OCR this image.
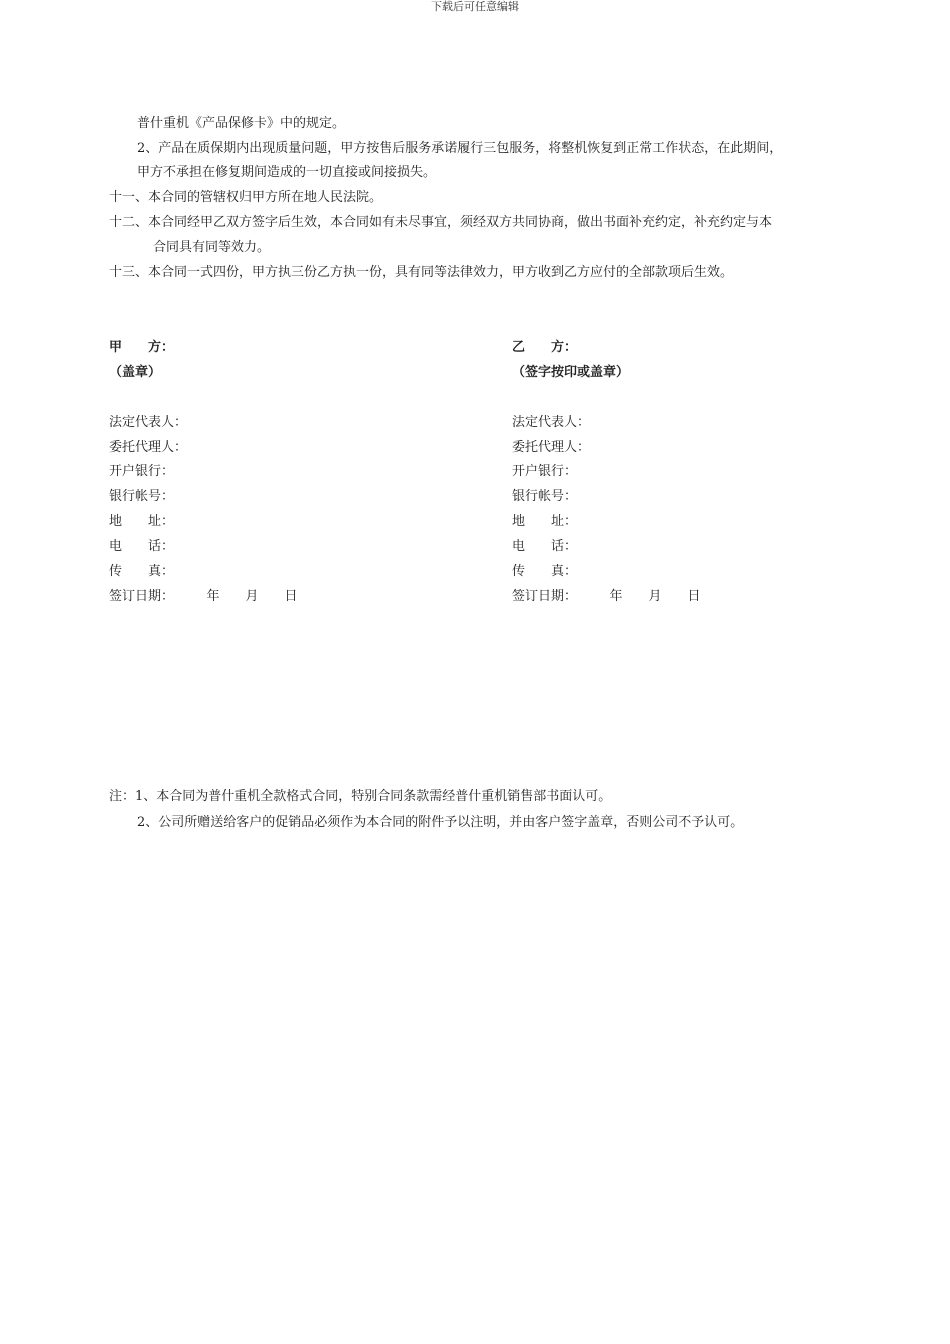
下载后可任意编辑
普什重机《产品保修卡》中的规定。
2、产品在质保期内出现质量问题，甲方按售后服务承诺履行三包服务，将整机恢复到正常工作状态，在此期间，
甲方不承担在修复期间造成的一切直接或间接损失。
十一、本合同的管辖权归甲方所在地人民法院。
十二、本合同经甲乙双方签字后生效，本合同如有未尽事宜，须经双方共同协商，做出书面补充约定，补充约定与本
合同具有同等效力。
十三、本合同一式四份，甲方执三份乙方执一份，具有同等法律效力，甲方收到乙方应付的全部款项后生效。
甲　　方：
（盖章）
法定代表人：
委托代理人：
开户银行：
银行帐号：
地　　址：
电　　话：
传　　真：
签订日期：　　　年　　月　　日
乙　　方：
（签字按印或盖章）
法定代表人：
委托代理人：
开户银行：
银行帐号：
地　　址：
电　　话：
传　　真：
签订日期：　　　年　　月　　日
注：1、本合同为普什重机全款格式合同，特别合同条款需经普什重机销售部书面认可。
2、公司所赠送给客户的促销品必须作为本合同的附件予以注明，并由客户签字盖章，否则公司不予认可。
